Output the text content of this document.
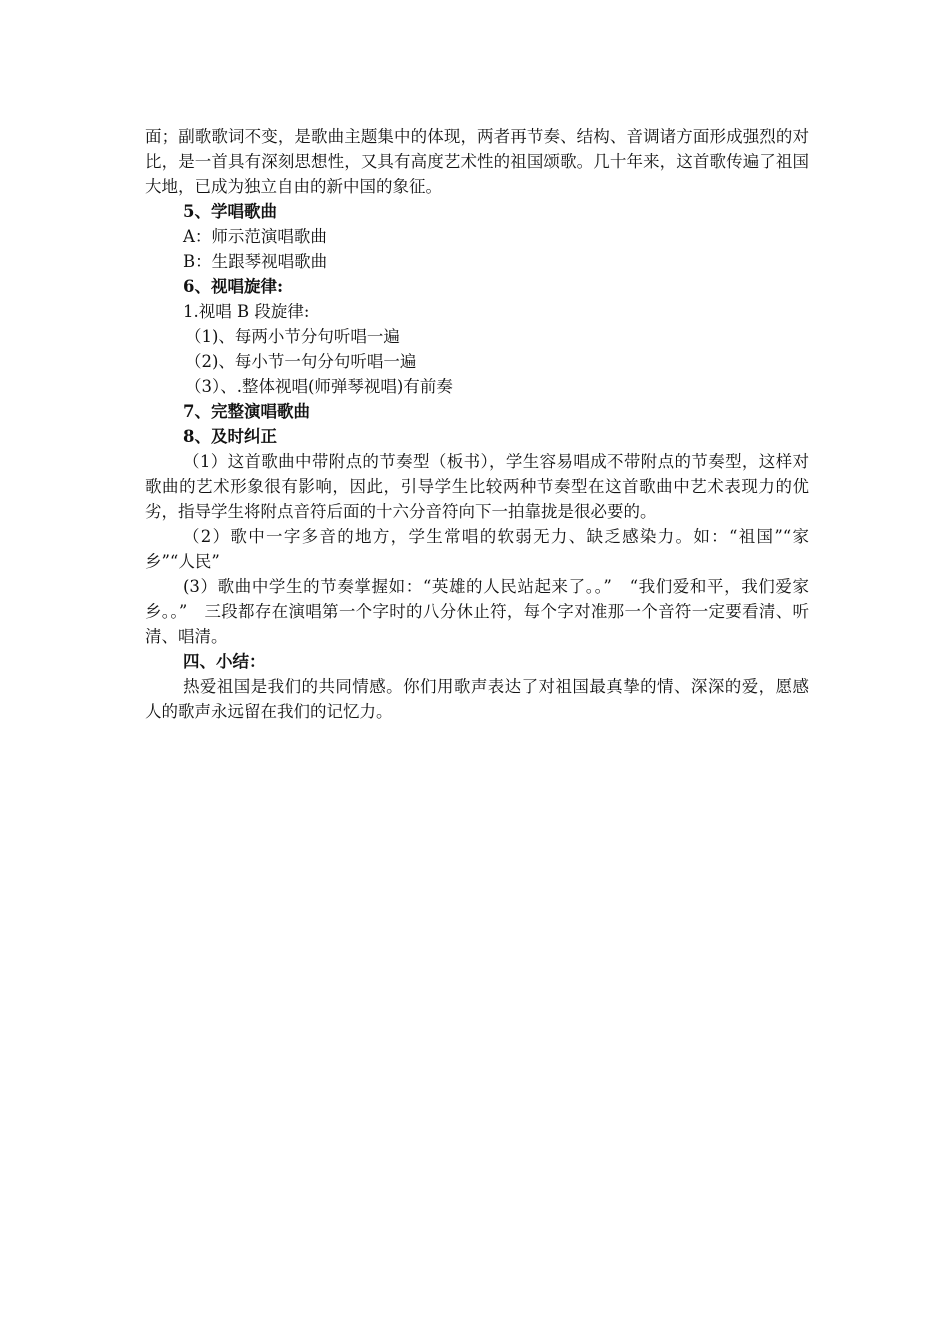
面；副歌歌词不变，是歌曲主题集中的体现，两者再节奏、结构、音调诸方面形成强烈的对比，是一首具有深刻思想性，又具有高度艺术性的祖国颂歌。几十年来，这首歌传遍了祖国大地，已成为独立自由的新中国的象征。

5、学唱歌曲

A：师示范演唱歌曲

B：生跟琴视唱歌曲

6、视唱旋律:

1.视唱 B 段旋律:

（1)、每两小节分句听唱一遍

（2)、每小节一句分句听唱一遍

（3）、.整体视唱(师弹琴视唱)有前奏

7、完整演唱歌曲

8、及时纠正

（1）这首歌曲中带附点的节奏型（板书），学生容易唱成不带附点的节奏型，这样对歌曲的艺术形象很有影响，因此，引导学生比较两种节奏型在这首歌曲中艺术表现力的优劣，指导学生将附点音符后面的十六分音符向下一拍靠拢是很必要的。

（2）歌中一字多音的地方，学生常唱的软弱无力、缺乏感染力。如：“祖国”“家乡”“人民”

(3）歌曲中学生的节奏掌握如：“英雄的人民站起来了。。”　“我们爱和平，我们爱家乡。。”　三段都存在演唱第一个字时的八分休止符，每个字对准那一个音符一定要看清、听清、唱清。

四、小结：

热爱祖国是我们的共同情感。你们用歌声表达了对祖国最真挚的情、深深的爱，愿感人的歌声永远留在我们的记忆力。
